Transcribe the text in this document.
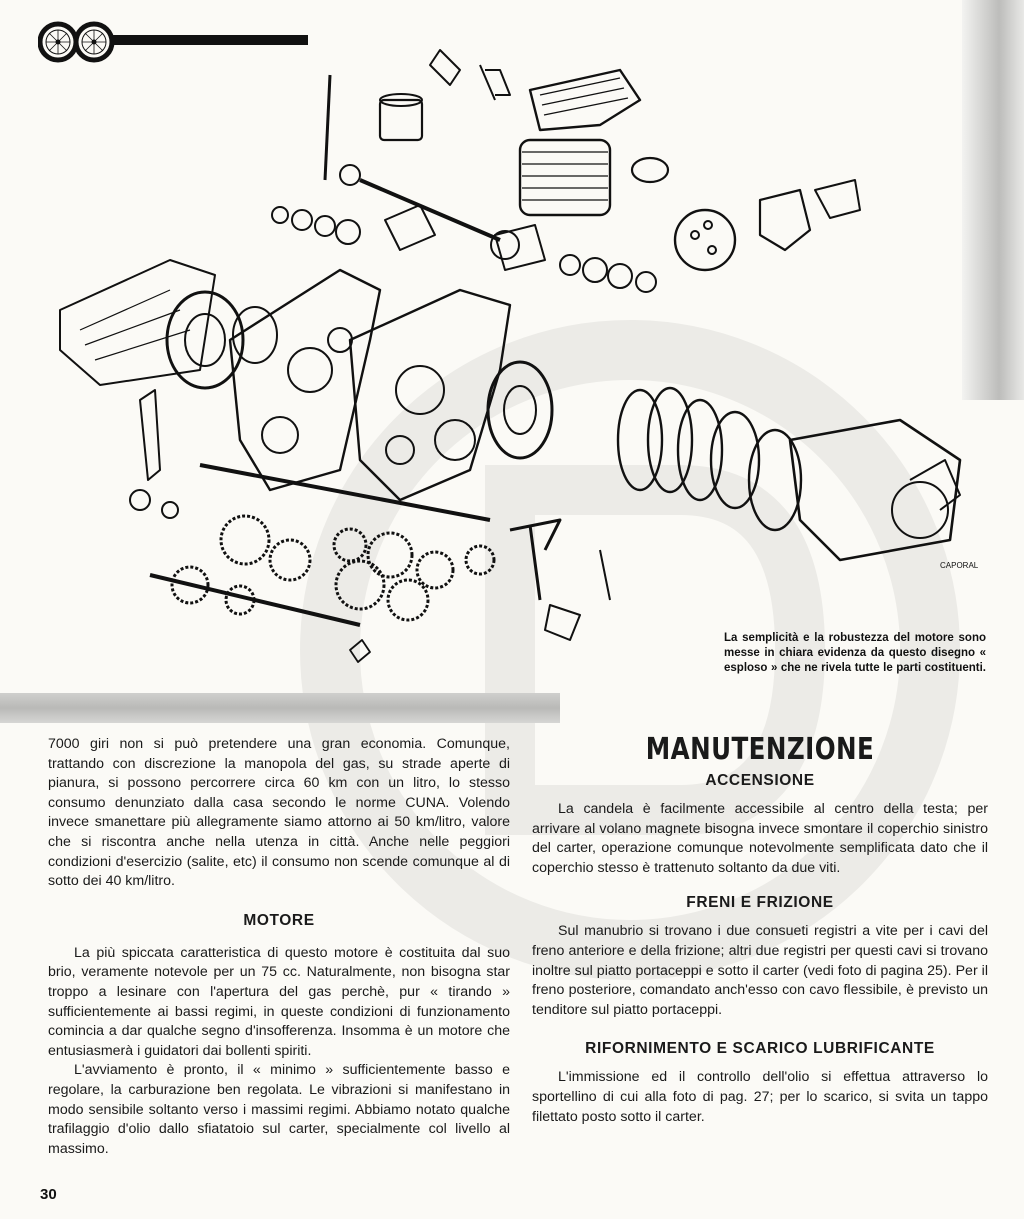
CAPORAL

La semplicità e la robustezza del motore sono messe in chiara evidenza da questo disegno « esploso » che ne rivela tutte le parti costituenti.

7000 giri non si può pretendere una gran economia. Comunque, trattando con discrezione la manopola del gas, su strade aperte di pianura, si possono percorrere circa 60 km con un litro, lo stesso consumo denunziato dalla casa secondo le norme CUNA. Volendo invece smanettare più allegramente siamo attorno ai 50 km/litro, valore che si riscontra anche nella utenza in città. Anche nelle peggiori condizioni d'esercizio (salite, etc) il consumo non scende comunque al di sotto dei 40 km/litro.

MOTORE

La più spiccata caratteristica di questo motore è costituita dal suo brio, veramente notevole per un 75 cc. Naturalmente, non bisogna star troppo a lesinare con l'apertura del gas perchè, pur « tirando » sufficientemente ai bassi regimi, in queste condizioni di funzionamento comincia a dar qualche segno d'insofferenza. Insomma è un motore che entusiasmerà i guidatori dai bollenti spiriti.

L'avviamento è pronto, il « minimo » sufficientemente basso e regolare, la carburazione ben regolata. Le vibrazioni si manifestano in modo sensibile soltanto verso i massimi regimi. Abbiamo notato qualche trafilaggio d'olio dallo sfiatatoio sul carter, specialmente col livello al massimo.

MANUTENZIONE
ACCENSIONE

La candela è facilmente accessibile al centro della testa; per arrivare al volano magnete bisogna invece smontare il coperchio sinistro del carter, operazione comunque notevolmente semplificata dato che il coperchio stesso è trattenuto soltanto da due viti.

FRENI E FRIZIONE

Sul manubrio si trovano i due consueti registri a vite per i cavi del freno anteriore e della frizione; altri due registri per questi cavi si trovano inoltre sul piatto portaceppi e sotto il carter (vedi foto di pagina 25). Per il freno posteriore, comandato anch'esso con cavo flessibile, è previsto un tenditore sul piatto portaceppi.

RIFORNIMENTO E SCARICO LUBRIFICANTE

L'immissione ed il controllo dell'olio si effettua attraverso lo sportellino di cui alla foto di pag. 27; per lo scarico, si svita un tappo filettato posto sotto il carter.

30
